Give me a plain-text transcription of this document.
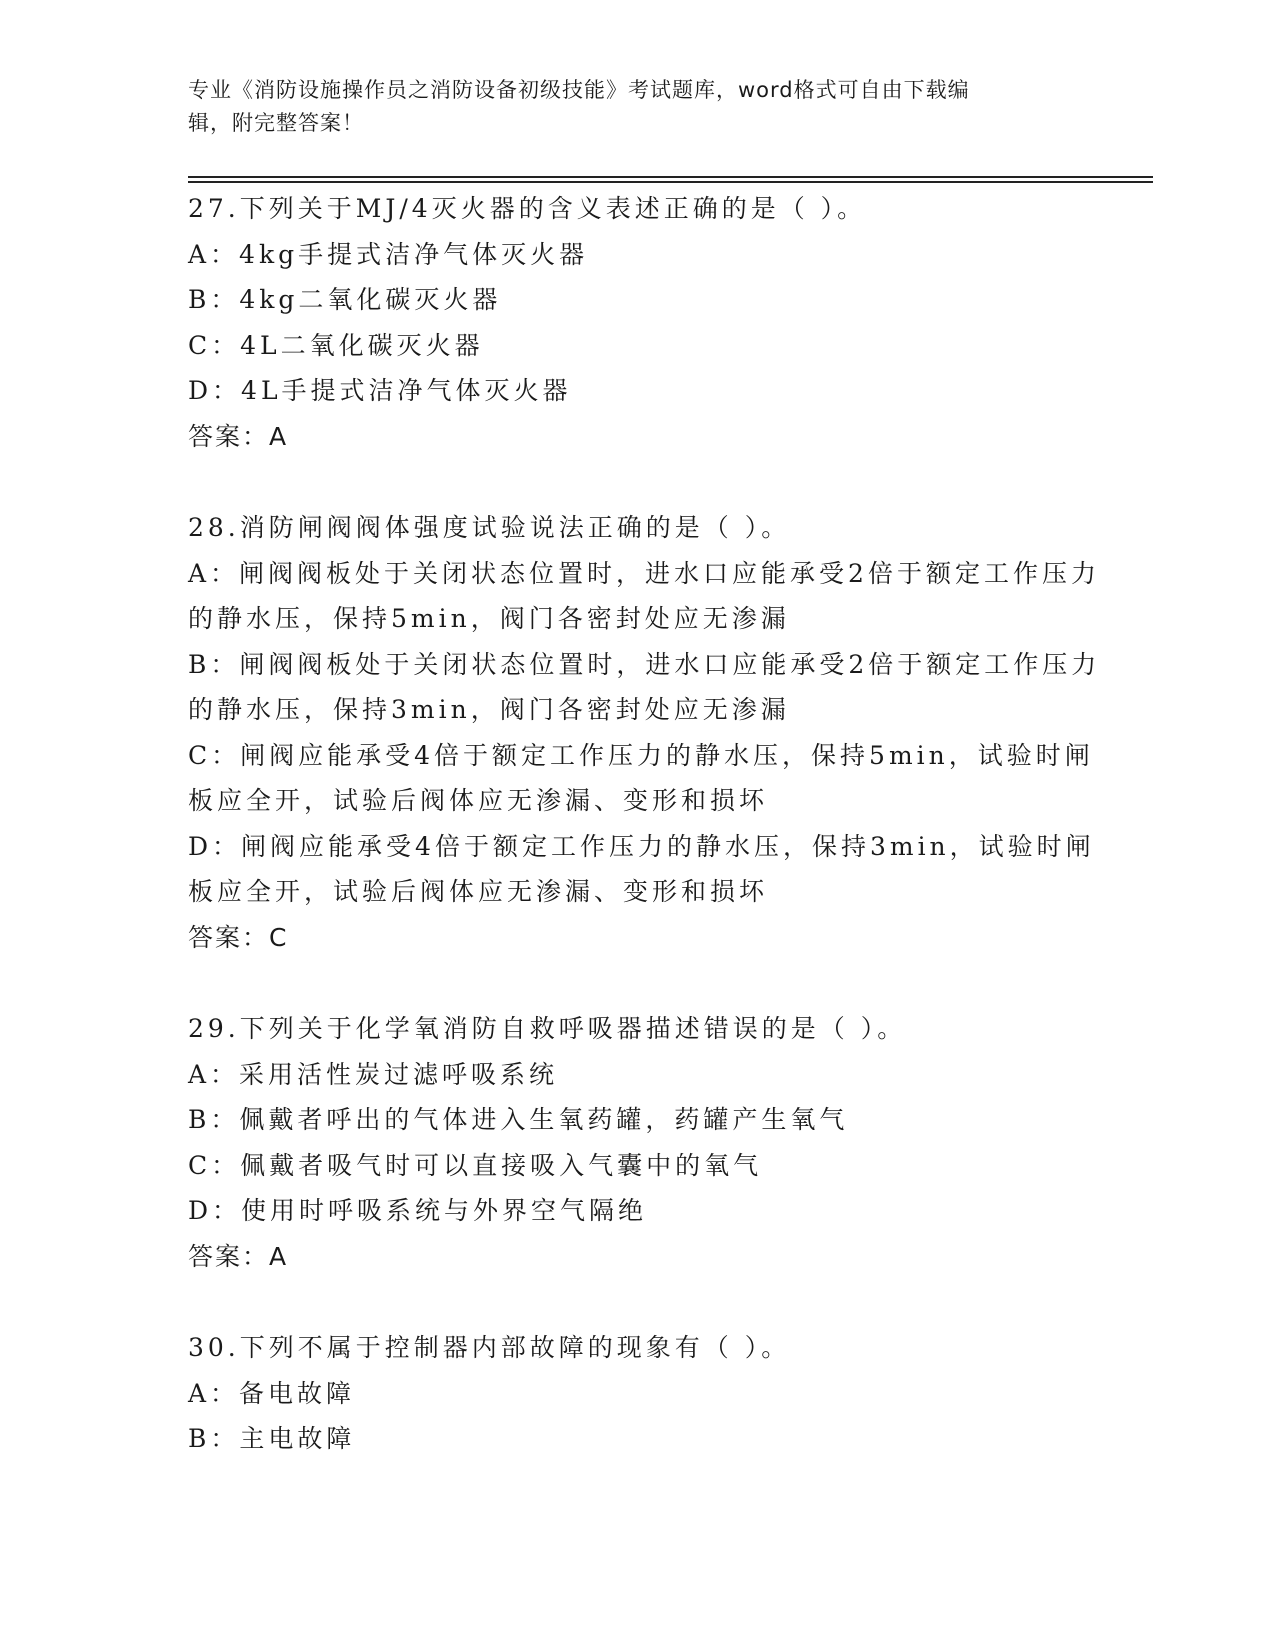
专业《消防设施操作员之消防设备初级技能》考试题库，word格式可自由下载编
辑，附完整答案！
27.下列关于MJ/4灭火器的含义表述正确的是（ ）。
A：4kg手提式洁净气体灭火器
B：4kg二氧化碳灭火器
C：4L二氧化碳灭火器
D：4L手提式洁净气体灭火器
答案：A
28.消防闸阀阀体强度试验说法正确的是（ ）。
A：闸阀阀板处于关闭状态位置时，进水口应能承受2倍于额定工作压力的静水压，保持5min，阀门各密封处应无渗漏
B：闸阀阀板处于关闭状态位置时，进水口应能承受2倍于额定工作压力的静水压，保持3min，阀门各密封处应无渗漏
C：闸阀应能承受4倍于额定工作压力的静水压，保持5min，试验时闸板应全开，试验后阀体应无渗漏、变形和损坏
D：闸阀应能承受4倍于额定工作压力的静水压，保持3min，试验时闸板应全开，试验后阀体应无渗漏、变形和损坏
答案：C
29.下列关于化学氧消防自救呼吸器描述错误的是（ ）。
A：采用活性炭过滤呼吸系统
B：佩戴者呼出的气体进入生氧药罐，药罐产生氧气
C：佩戴者吸气时可以直接吸入气囊中的氧气
D：使用时呼吸系统与外界空气隔绝
答案：A
30.下列不属于控制器内部故障的现象有（ ）。
A：备电故障
B：主电故障
